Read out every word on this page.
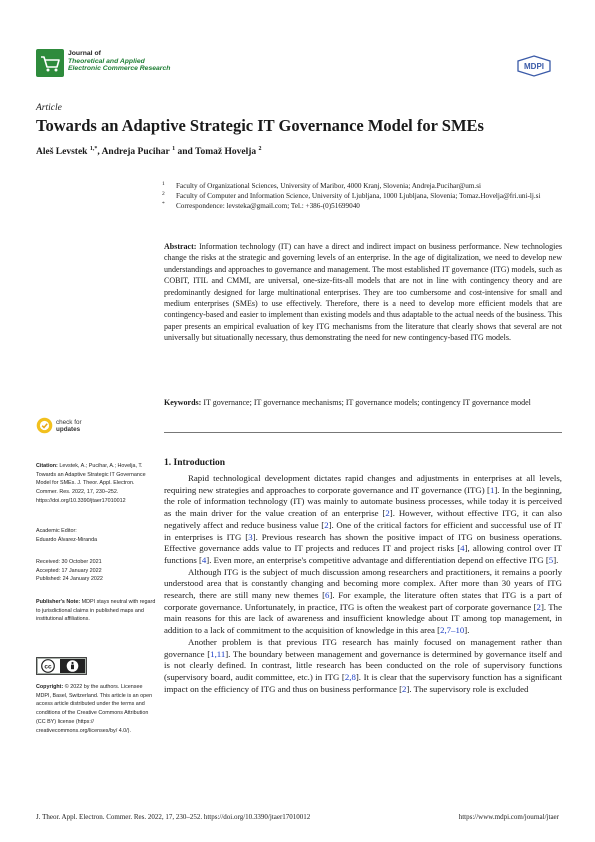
Journal of
Theoretical and Applied
Electronic Commerce Research	MDPI
Article
Towards an Adaptive Strategic IT Governance Model for SMEs
Aleš Levstek $^{1,*}$, Andreja Pucihar $^1$ and Tomaž Hovelja $^2$
1 Faculty of Organizational Sciences, University of Maribor, 4000 Kranj, Slovenia; Andreja.Pucihar@um.si
2 Faculty of Computer and Information Science, University of Ljubljana, 1000 Ljubljana, Slovenia; Tomaz.Hovelja@fri.uni-lj.si
* Correspondence: levsteka@gmail.com; Tel.: +386-(0)51699040
Abstract: Information technology (IT) can have a direct and indirect impact on business performance. New technologies change the risks at the strategic and governing levels of an enterprise. In the age of digitalization, we need to develop new understandings and approaches to governance and management. The most established IT governance (ITG) models, such as COBIT, ITIL and CMMI, are universal, one-size-fits-all models that are not in line with contingency theory and are predominantly designed for large multinational enterprises. They are too cumbersome and cost-intensive for small and medium enterprises (SMEs) to use effectively. Therefore, there is a need to develop more efficient models that are contingency-based and easier to implement than existing models and thus adaptable to the actual needs of the business. This paper presents an empirical evaluation of key ITG mechanisms from the literature that clearly shows that several are not universally but situationally necessary, thus demonstrating the need for new contingency-based ITG models.
Keywords: IT governance; IT governance mechanisms; IT governance models; contingency IT governance model
check for
updates
Citation: Levstek, A.; Pucihar, A.; Hovelja, T. Towards an Adaptive Strategic IT Governance Model for SMEs. J. Theor. Appl. Electron. Commer. Res. 2022, 17, 230–252. https://doi.org/10.3390/jtaer17010012
Academic Editor:
Eduardo Álvarez-Miranda
Received: 30 October 2021
Accepted: 17 January 2022
Published: 24 January 2022
Publisher's Note: MDPI stays neutral with regard to jurisdictional claims in published maps and institutional affiliations.
Copyright: © 2022 by the authors. Licensee MDPI, Basel, Switzerland. This article is an open access article distributed under the terms and conditions of the Creative Commons Attribution (CC BY) license (https:// creativecommons.org/licenses/by/ 4.0/).
cc
1. Introduction

Rapid technological development dictates rapid changes and adjustments in enterprises at all levels, requiring new strategies and approaches to corporate governance and IT governance (ITG) [1]. In the beginning, the role of information technology (IT) was mainly to automate business processes, while today it is perceived as the main driver for the value creation of an enterprise [2]. However, without effective ITG, it can also negatively affect and reduce business value [2]. One of the critical factors for efficient and successful use of IT in enterprises is ITG [3]. Previous research has shown the positive impact of ITG on business operations. Effective governance adds value to IT projects and reduces IT and project risks [4], allowing control over IT functions [4]. Even more, an enterprise's competitive advantage and differentiation depend on effective ITG [5].

Although ITG is the subject of much discussion among researchers and practitioners, it remains a poorly understood area that is constantly changing and becoming more complex. After more than 30 years of ITG research, there are still many new themes [6]. For example, the literature often states that ITG is a part of corporate governance. Unfortunately, in practice, ITG is often the weakest part of corporate governance [2]. The main reasons for this are lack of awareness and insufficient knowledge about IT among top management, in addition to a lack of commitment to the acquisition of knowledge in this area [2,7–10].

Another problem is that previous ITG research has mainly focused on management rather than governance [1,11]. The boundary between management and governance is determined by governance itself and is not clearly defined. In contrast, little research has been conducted on the role of supervisory functions (supervisory board, audit committee, etc.) in ITG [2,8]. It is clear that the supervisory function has a significant impact on the efficiency of ITG and thus on business performance [2]. The supervisory role is excluded

J. Theor. Appl. Electron. Commer. Res. 2022, 17, 230–252. https://doi.org/10.3390/jtaer17010012	https://www.mdpi.com/journal/jtaer
